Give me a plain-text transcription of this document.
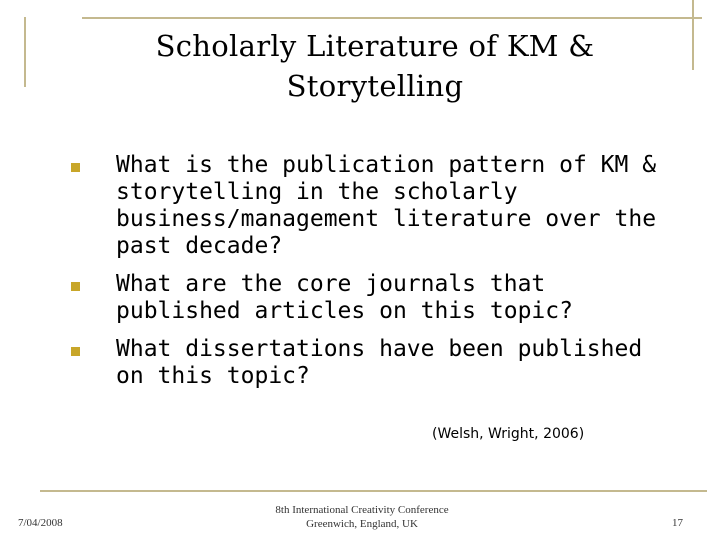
Scholarly Literature of KM &
Storytelling
What is the publication pattern of KM & storytelling in the scholarly business/management literature over the past decade?
What are the core journals that published articles on this topic?
What dissertations have been published on this topic?
(Welsh, Wright, 2006)
7/04/2008
8th International Creativity Conference
Greenwich, England, UK	17
